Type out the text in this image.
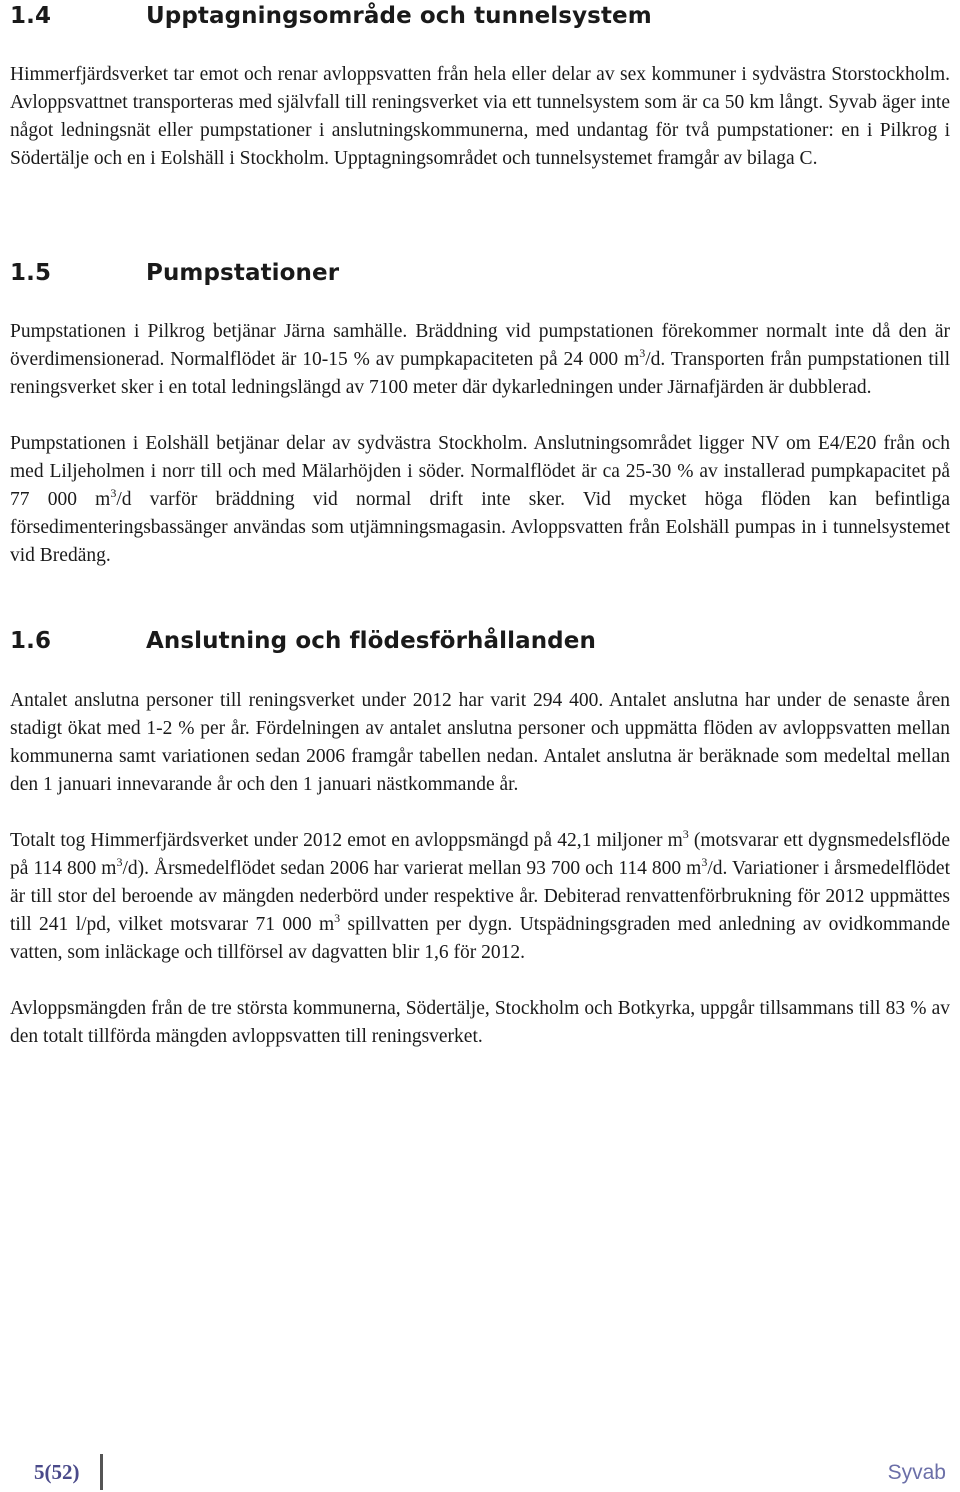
1.4	Upptagningsområde och tunnelsystem

Himmerfjärdsverket tar emot och renar avloppsvatten från hela eller delar av sex kommuner i sydvästra Storstockholm. Avloppsvattnet transporteras med självfall till reningsverket via ett tunnelsystem som är ca 50 km långt. Syvab äger inte något ledningsnät eller pumpstationer i anslutningskommunerna, med undantag för två pumpstationer: en i Pilkrog i Södertälje och en i Eolshäll i Stockholm. Upptagningsområdet och tunnelsystemet framgår av bilaga C.

1.5	Pumpstationer

Pumpstationen i Pilkrog betjänar Järna samhälle. Bräddning vid pumpstationen förekommer normalt inte då den är överdimensionerad. Normalflödet är 10-15 % av pumpkapaciteten på 24 000 $m^3/d$. Transporten från pumpstationen till reningsverket sker i en total ledningslängd av 7100 meter där dykarledningen under Järnafjärden är dubblerad.

Pumpstationen i Eolshäll betjänar delar av sydvästra Stockholm. Anslutningsområdet ligger NV om E4/E20 från och med Liljeholmen i norr till och med Mälarhöjden i söder. Normalflödet är ca 25-30 % av installerad pumpkapacitet på 77 000 $m^3/d$ varför bräddning vid normal drift inte sker. Vid mycket höga flöden kan befintliga försedimenteringsbassänger användas som utjämningsmagasin. Avloppsvatten från Eolshäll pumpas in i tunnelsystemet vid Bredäng.

1.6	Anslutning och flödesförhållanden

Antalet anslutna personer till reningsverket under 2012 har varit 294 400. Antalet anslutna har under de senaste åren stadigt ökat med 1-2 % per år. Fördelningen av antalet anslutna personer och uppmätta flöden av avloppsvatten mellan kommunerna samt variationen sedan 2006 framgår tabellen nedan. Antalet anslutna är beräknade som medeltal mellan den 1 januari innevarande år och den 1 januari nästkommande år.

Totalt tog Himmerfjärdsverket under 2012 emot en avloppsmängd på 42,1 miljoner $m^3$ (motsvarar ett dygnsmedelsflöde på 114 800 $m^3/d$). Årsmedelflödet sedan 2006 har varierat mellan 93 700 och 114 800 $m^3/d$. Variationer i årsmedelflödet är till stor del beroende av mängden nederbörd under respektive år. Debiterad renvattenförbrukning för 2012 uppmättes till 241 l/pd, vilket motsvarar 71 000 $m^3$ spillvatten per dygn. Utspädningsgraden med anledning av ovidkommande vatten, som inläckage och tillförsel av dagvatten blir 1,6 för 2012.

Avloppsmängden från de tre största kommunerna, Södertälje, Stockholm och Botkyrka, uppgår tillsammans till 83 % av den totalt tillförda mängden avloppsvatten till reningsverket.

5(52)	Syvab
